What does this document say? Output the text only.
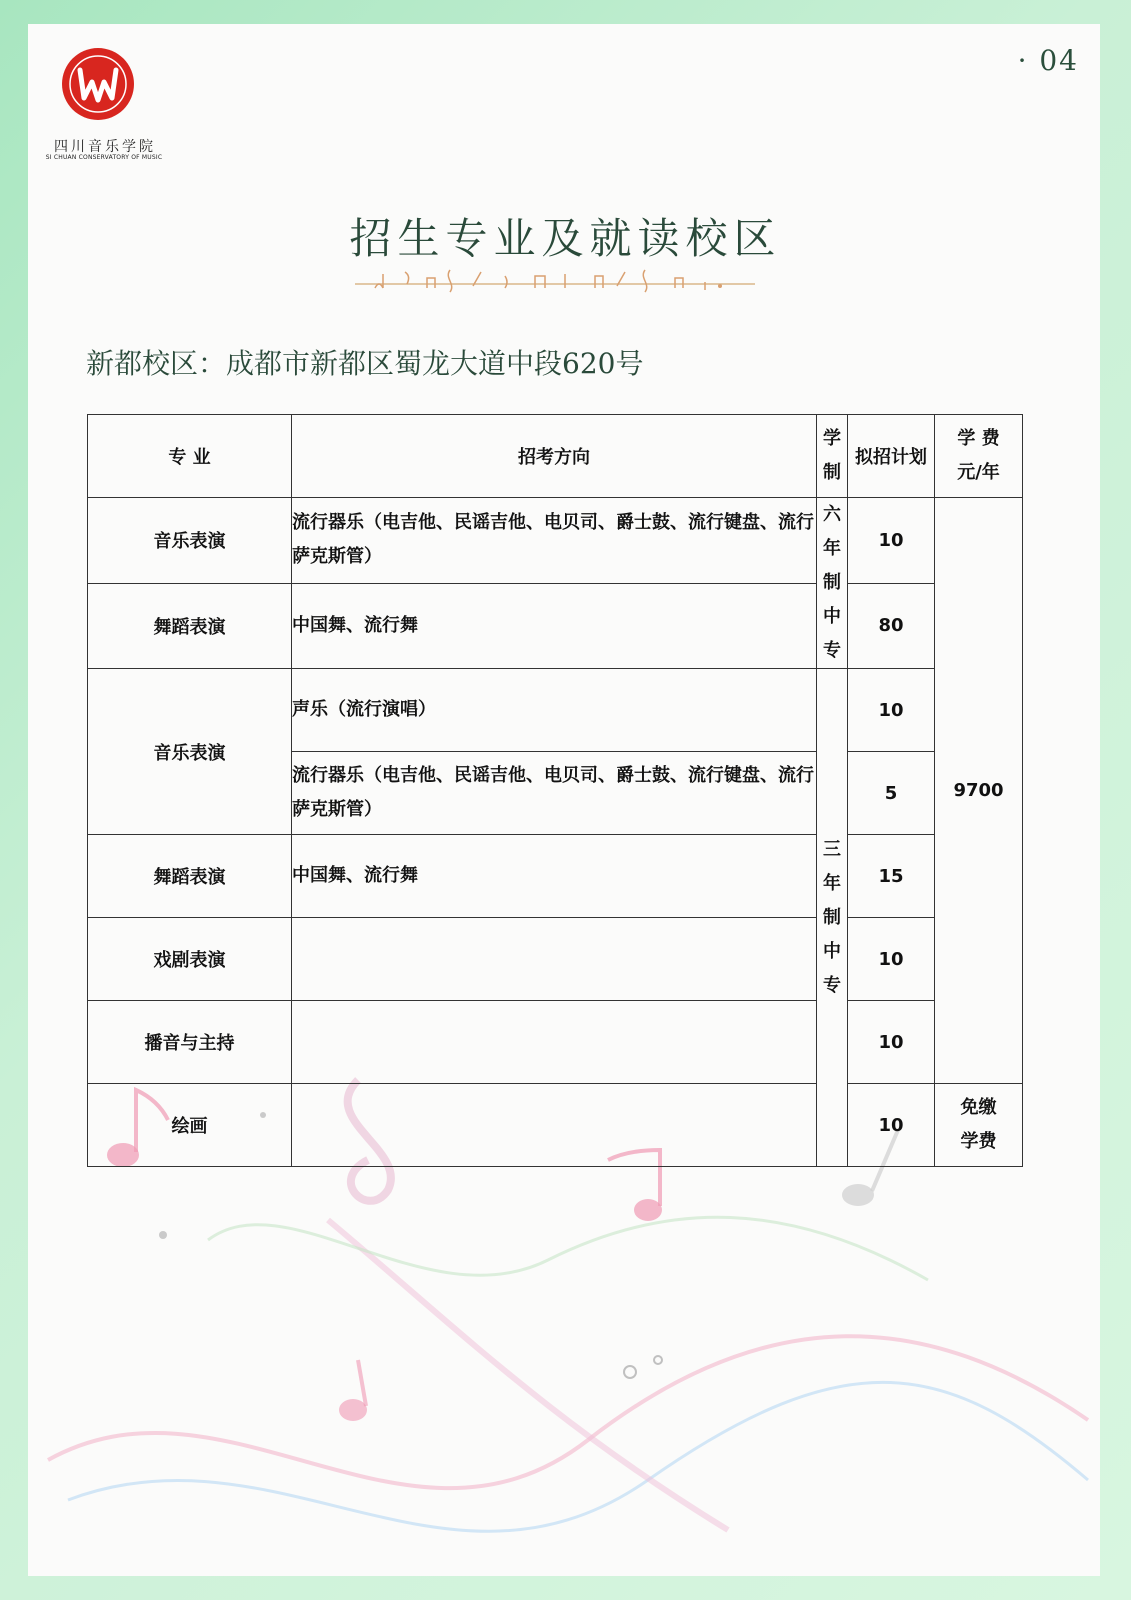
· 04
四川音乐学院
SI CHUAN CONSERVATORY OF MUSIC
招生专业及就读校区
新都校区：成都市新都区蜀龙大道中段620号
专 业	招考方向	学制	拟招计划	学 费
元/年

音乐表演	流行器乐（电吉他、民谣吉他、电贝司、爵士鼓、流行键盘、流行萨克斯管）	六年制中专	10	9700
舞蹈表演	中国舞、流行舞		80	
音乐表演	声乐（流行演唱）	三年制中专	10	
	流行器乐（电吉他、民谣吉他、电贝司、爵士鼓、流行键盘、流行萨克斯管）		5	
舞蹈表演	中国舞、流行舞		15	
戏剧表演			10	
播音与主持			10	
绘画			10	免缴学费
